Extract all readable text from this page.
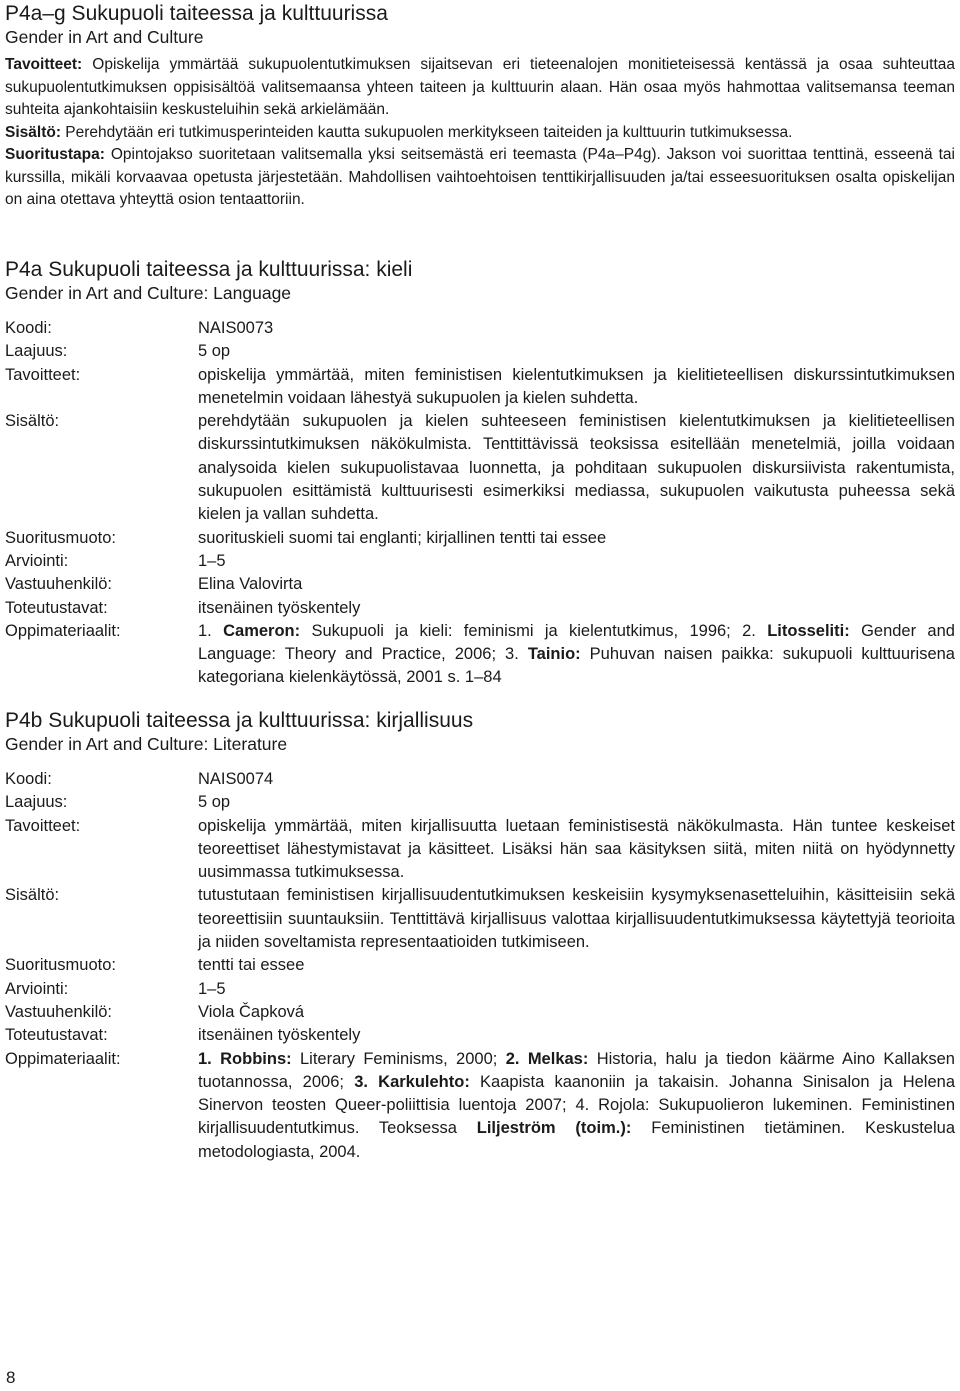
P4a–g Sukupuoli taiteessa ja kulttuurissa
Gender in Art and Culture

Tavoitteet: Opiskelija ymmärtää sukupuolentutkimuksen sijaitsevan eri tieteenalojen monitieteisessä kentässä ja osaa suhteuttaa sukupuolentutkimuksen oppisisältöä valitsemaansa yhteen taiteen ja kulttuurin alaan. Hän osaa myös hahmottaa valitsemansa teeman suhteita ajankohtaisiin keskusteluihin sekä arkielämään.

Sisältö: Perehdytään eri tutkimusperinteiden kautta sukupuolen merkitykseen taiteiden ja kulttuurin tutkimuksessa.

Suoritustapa: Opintojakso suoritetaan valitsemalla yksi seitsemästä eri teemasta (P4a–P4g). Jakson voi suorittaa tenttinä, esseenä tai kurssilla, mikäli korvaavaa opetusta järjestetään. Mahdollisen vaihtoehtoisen tenttikirjallisuuden ja/tai esseesuorituksen osalta opiskelijan on aina otettava yhteyttä osion tentaattoriin.

P4a Sukupuoli taiteessa ja kulttuurissa: kieli
Gender in Art and Culture: Language
Koodi:	NAIS0073
Laajuus:	5 op
Tavoitteet:	opiskelija ymmärtää, miten feministisen kielentutkimuksen ja kielitieteellisen diskurssintutkimuksen menetelmin voidaan lähestyä sukupuolen ja kielen suhdetta.
Sisältö:	perehdytään sukupuolen ja kielen suhteeseen feministisen kielentutkimuksen ja kielitieteellisen diskurssintutkimuksen näkökulmista. Tenttittävissä teoksissa esitellään menetelmiä, joilla voidaan analysoida kielen sukupuolistavaa luonnetta, ja pohditaan sukupuolen diskursiivista rakentumista, sukupuolen esittämistä kulttuurisesti esimerkiksi mediassa, sukupuolen vaikutusta puheessa sekä kielen ja vallan suhdetta.
Suoritusmuoto:	suorituskieli suomi tai englanti; kirjallinen tentti tai essee
Arviointi:	1–5
Vastuuhenkilö:	Elina Valovirta
Toteutustavat:	itsenäinen työskentely
Oppimateriaalit:	1. Cameron: Sukupuoli ja kieli: feminismi ja kielentutkimus, 1996; 2. Litosseliti: Gender and Language: Theory and Practice, 2006; 3. Tainio: Puhuvan naisen paikka: sukupuoli kulttuurisena kategoriana kielenkäytössä, 2001 s. 1–84
P4b Sukupuoli taiteessa ja kulttuurissa: kirjallisuus
Gender in Art and Culture: Literature
Koodi:	NAIS0074
Laajuus:	5 op
Tavoitteet:	opiskelija ymmärtää, miten kirjallisuutta luetaan feministisestä näkökulmasta. Hän tuntee keskeiset teoreettiset lähestymistavat ja käsitteet. Lisäksi hän saa käsityksen siitä, miten niitä on hyödynnetty uusimmassa tutkimuksessa.
Sisältö:	tutustutaan feministisen kirjallisuudentutkimuksen keskeisiin kysymyksenasetteluihin, käsitteisiin sekä teoreettisiin suuntauksiin. Tenttittävä kirjallisuus valottaa kirjallisuudentutkimuksessa käytettyjä teorioita ja niiden soveltamista representaatioiden tutkimiseen.
Suoritusmuoto:	tentti tai essee
Arviointi:	1–5
Vastuuhenkilö:	Viola Čapková
Toteutustavat:	itsenäinen työskentely
Oppimateriaalit:	1. Robbins: Literary Feminisms, 2000; 2. Melkas: Historia, halu ja tiedon käärme Aino Kallaksen tuotannossa, 2006; 3. Karkulehto: Kaapista kaanoniin ja takaisin. Johanna Sinisalon ja Helena Sinervon teosten Queer-poliittisia luentoja 2007; 4. Rojola: Sukupuolieron lukeminen. Feministinen kirjallisuudentutkimus. Teoksessa Liljeström (toim.): Feministinen tietäminen. Keskustelua metodologiasta, 2004.
8
